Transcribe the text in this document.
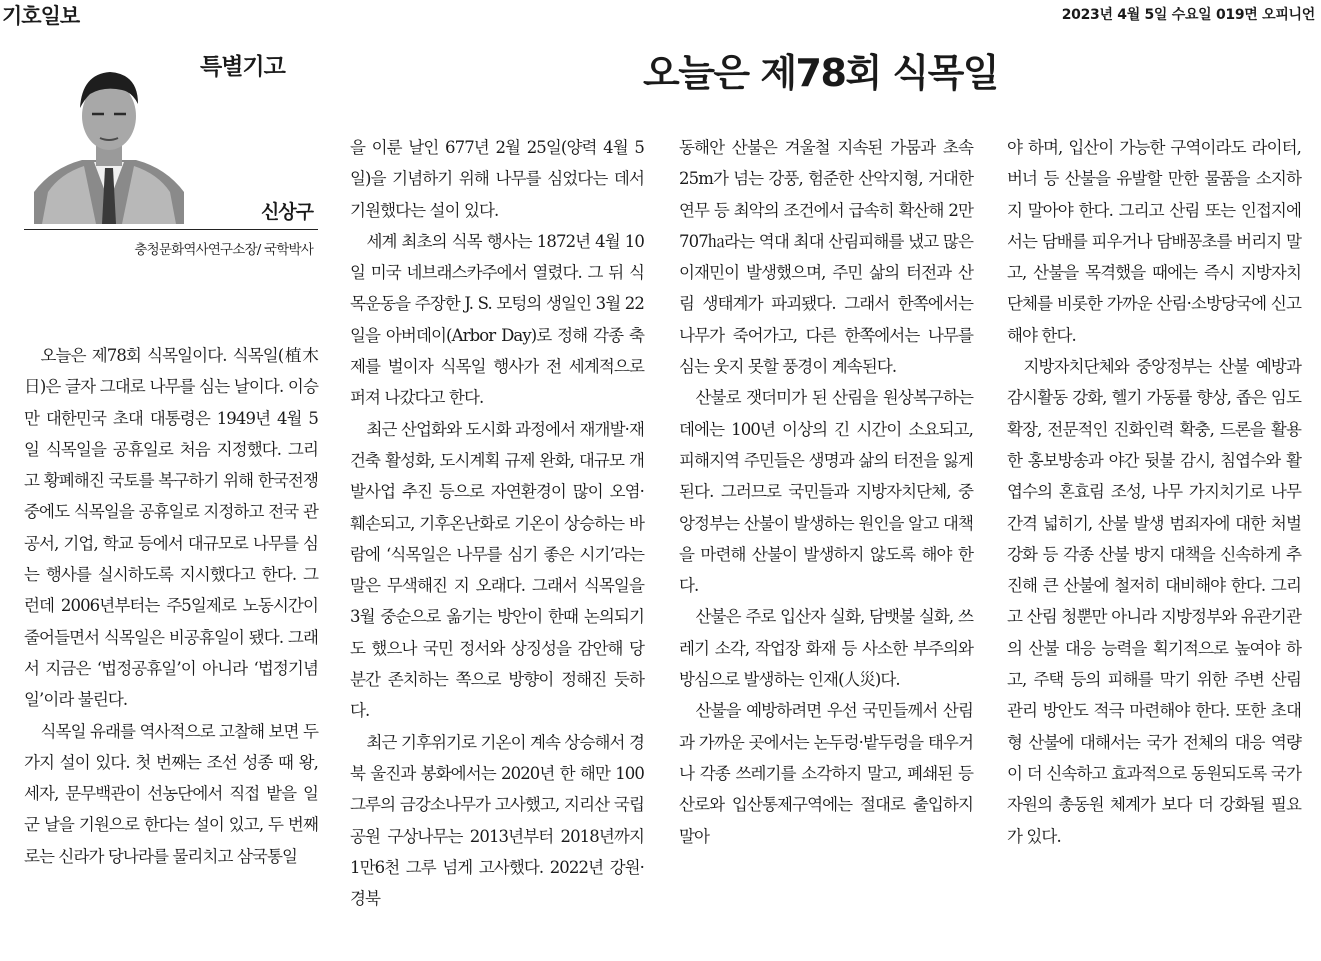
기호일보	2023년 4월 5일 수요일 019면 오피니언
특별기고	오늘은 제78회 식목일
신상구
충청문화역사연구소장/ 국학박사

오늘은 제78회 식목일이다. 식목일(植木日)은 글자 그대로 나무를 심는 날이다. 이승만 대한민국 초대 대통령은 1949년 4월 5일 식목일을 공휴일로 처음 지정했다. 그리고 황폐해진 국토를 복구하기 위해 한국전쟁 중에도 식목일을 공휴일로 지정하고 전국 관공서, 기업, 학교 등에서 대규모로 나무를 심는 행사를 실시하도록 지시했다고 한다. 그런데 2006년부터는 주5일제로 노동시간이 줄어들면서 식목일은 비공휴일이 됐다. 그래서 지금은 ‘법정공휴일’이 아니라 ‘법정기념일’이라 불린다.

식목일 유래를 역사적으로 고찰해 보면 두 가지 설이 있다. 첫 번째는 조선 성종 때 왕, 세자, 문무백관이 선농단에서 직접 밭을 일군 날을 기원으로 한다는 설이 있고, 두 번째로는 신라가 당나라를 물리치고 삼국통일

을 이룬 날인 677년 2월 25일(양력 4월 5일)을 기념하기 위해 나무를 심었다는 데서 기원했다는 설이 있다.

세계 최초의 식목 행사는 1872년 4월 10일 미국 네브래스카주에서 열렸다. 그 뒤 식목운동을 주장한 J. S. 모텅의 생일인 3월 22일을 아버데이(Arbor Day)로 정해 각종 축제를 벌이자 식목일 행사가 전 세계적으로 퍼져 나갔다고 한다.

최근 산업화와 도시화 과정에서 재개발·재건축 활성화, 도시계획 규제 완화, 대규모 개발사업 추진 등으로 자연환경이 많이 오염·훼손되고, 기후온난화로 기온이 상승하는 바람에 ‘식목일은 나무를 심기 좋은 시기’라는 말은 무색해진 지 오래다. 그래서 식목일을 3월 중순으로 옮기는 방안이 한때 논의되기도 했으나 국민 정서와 상징성을 감안해 당분간 존치하는 쪽으로 방향이 정해진 듯하다.

최근 기후위기로 기온이 계속 상승해서 경북 울진과 봉화에서는 2020년 한 해만 100그루의 금강소나무가 고사했고, 지리산 국립공원 구상나무는 2013년부터 2018년까지 1만6천 그루 넘게 고사했다. 2022년 강원·경북

동해안 산불은 겨울철 지속된 가뭄과 초속 25m가 넘는 강풍, 험준한 산악지형, 거대한 연무 등 최악의 조건에서 급속히 확산해 2만707㏊라는 역대 최대 산림피해를 냈고 많은 이재민이 발생했으며, 주민 삶의 터전과 산림 생태계가 파괴됐다. 그래서 한쪽에서는 나무가 죽어가고, 다른 한쪽에서는 나무를 심는 웃지 못할 풍경이 계속된다.

산불로 잿더미가 된 산림을 원상복구하는 데에는 100년 이상의 긴 시간이 소요되고, 피해지역 주민들은 생명과 삶의 터전을 잃게 된다. 그러므로 국민들과 지방자치단체, 중앙정부는 산불이 발생하는 원인을 알고 대책을 마련해 산불이 발생하지 않도록 해야 한다.

산불은 주로 입산자 실화, 담뱃불 실화, 쓰레기 소각, 작업장 화재 등 사소한 부주의와 방심으로 발생하는 인재(人災)다.

산불을 예방하려면 우선 국민들께서 산림과 가까운 곳에서는 논두렁·밭두렁을 태우거나 각종 쓰레기를 소각하지 말고, 폐쇄된 등산로와 입산통제구역에는 절대로 출입하지 말아

야 하며, 입산이 가능한 구역이라도 라이터, 버너 등 산불을 유발할 만한 물품을 소지하지 말아야 한다. 그리고 산림 또는 인접지에서는 담배를 피우거나 담배꽁초를 버리지 말고, 산불을 목격했을 때에는 즉시 지방자치단체를 비롯한 가까운 산림·소방당국에 신고해야 한다.

지방자치단체와 중앙정부는 산불 예방과 감시활동 강화, 헬기 가동률 향상, 좁은 임도 확장, 전문적인 진화인력 확충, 드론을 활용한 홍보방송과 야간 뒷불 감시, 침엽수와 활엽수의 혼효림 조성, 나무 가지치기로 나무 간격 넓히기, 산불 발생 범죄자에 대한 처벌 강화 등 각종 산불 방지 대책을 신속하게 추진해 큰 산불에 철저히 대비해야 한다. 그리고 산림 청뿐만 아니라 지방정부와 유관기관의 산불 대응 능력을 획기적으로 높여야 하고, 주택 등의 피해를 막기 위한 주변 산림 관리 방안도 적극 마련해야 한다. 또한 초대형 산불에 대해서는 국가 전체의 대응 역량이 더 신속하고 효과적으로 동원되도록 국가자원의 총동원 체계가 보다 더 강화될 필요가 있다.
